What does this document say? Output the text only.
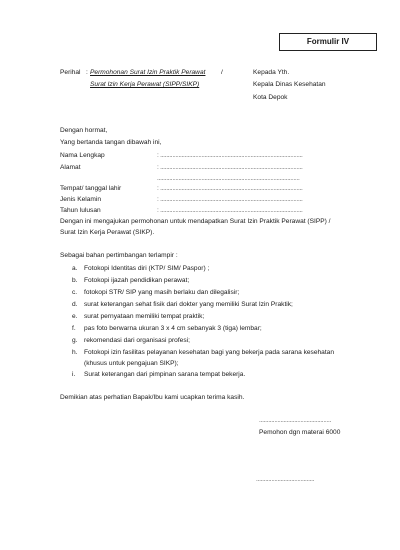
Formulir IV
Perihal : Permohonan Surat Izin Praktik Perawat /
Surat Izin Kerja Perawat (SIPP/SIKP)
Kepada Yth.
Kepala Dinas Kesehatan
Kota Depok
Dengan hormat,
Yang bertanda tangan dibawah ini,
Nama Lengkap	: .............................................................................................
Alamat	: .............................................................................................
.............................................................................................
Tempat/ tanggal lahir	: .............................................................................................
Jenis Kelamin	: .............................................................................................
Tahun lulusan	: .............................................................................................
Dengan ini mengajukan permohonan untuk mendapatkan Surat Izin Praktik Perawat (SIPP) /
Surat Izin Kerja Perawat (SIKP).
Sebagai bahan pertimbangan terlampir :
a. Fotokopi Identitas diri (KTP/ SIM/ Paspor) ;
b. Fotokopi ijazah pendidikan perawat;
c. fotokopi STR/ SIP yang masih berlaku dan dilegalisir;
d. surat keterangan sehat fisik dari dokter yang memiliki Surat Izin Praktik;
e. surat pernyataan memiliki tempat praktik;
f. pas foto berwarna ukuran 3 x 4 cm sebanyak 3 (tiga) lembar;
g. rekomendasi dari organisasi profesi;
h. Fotokopi izin fasilitas pelayanan kesehatan bagi yang bekerja pada sarana kesehatan
(khusus untuk pengajuan SIKP);
i. Surat keterangan dari pimpinan sarana tempat bekerja.
Demikian atas perhatian Bapak/Ibu kami ucapkan terima kasih.
...............................................
Pemohon dgn materai 6000
......................................
